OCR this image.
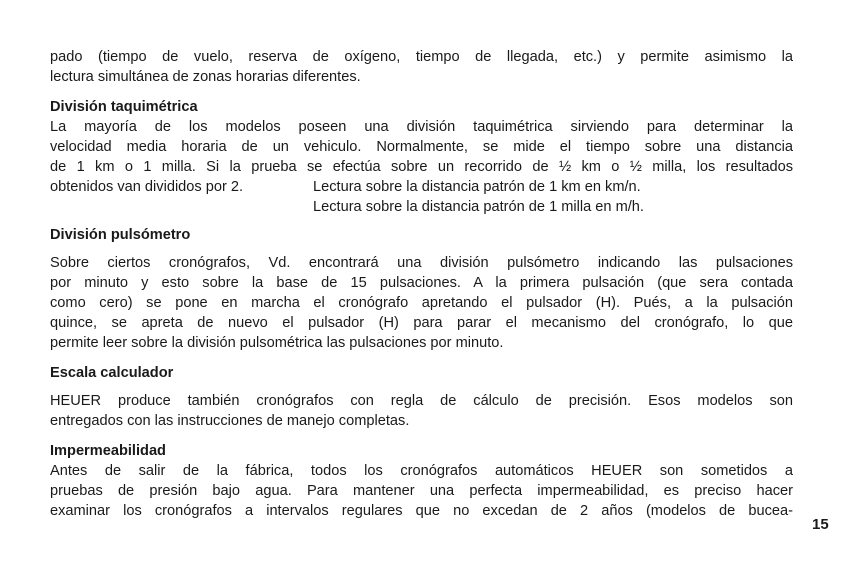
pado (tiempo de vuelo, reserva de oxígeno, tiempo de llegada, etc.) y permite asimismo la
lectura simultánea de zonas horarias diferentes.

División taquimétrica

La mayoría de los modelos poseen una división taquimétrica sirviendo para determinar la
velocidad media horaria de un vehiculo. Normalmente, se mide el tiempo sobre una distancia
de 1 km o 1 milla. Si la prueba se efectúa sobre un recorrido de ½ km o ½ milla, los resultados

obtenidos van divididos por 2.	Lectura sobre la distancia patrón de 1 km en km/n.
Lectura sobre la distancia patrón de 1 milla en m/h.
División pulsómetro

Sobre ciertos cronógrafos, Vd. encontrará una división pulsómetro indicando las pulsaciones
por minuto y esto sobre la base de 15 pulsaciones. A la primera pulsación (que sera contada
como cero) se pone en marcha el cronógrafo apretando el pulsador (H). Pués, a la pulsación
quince, se apreta de nuevo el pulsador (H) para parar el mecanismo del cronógrafo, lo que
permite leer sobre la división pulsométrica las pulsaciones por minuto.

Escala calculador

HEUER produce también cronógrafos con regla de cálculo de precisión. Esos modelos son
entregados con las instrucciones de manejo completas.

Impermeabilidad

Antes de salir de la fábrica, todos los cronógrafos automáticos HEUER son sometidos a
pruebas de presión bajo agua. Para mantener una perfecta impermeabilidad, es preciso hacer
examinar los cronógrafos a intervalos regulares que no excedan de 2 años (modelos de bucea-

15
